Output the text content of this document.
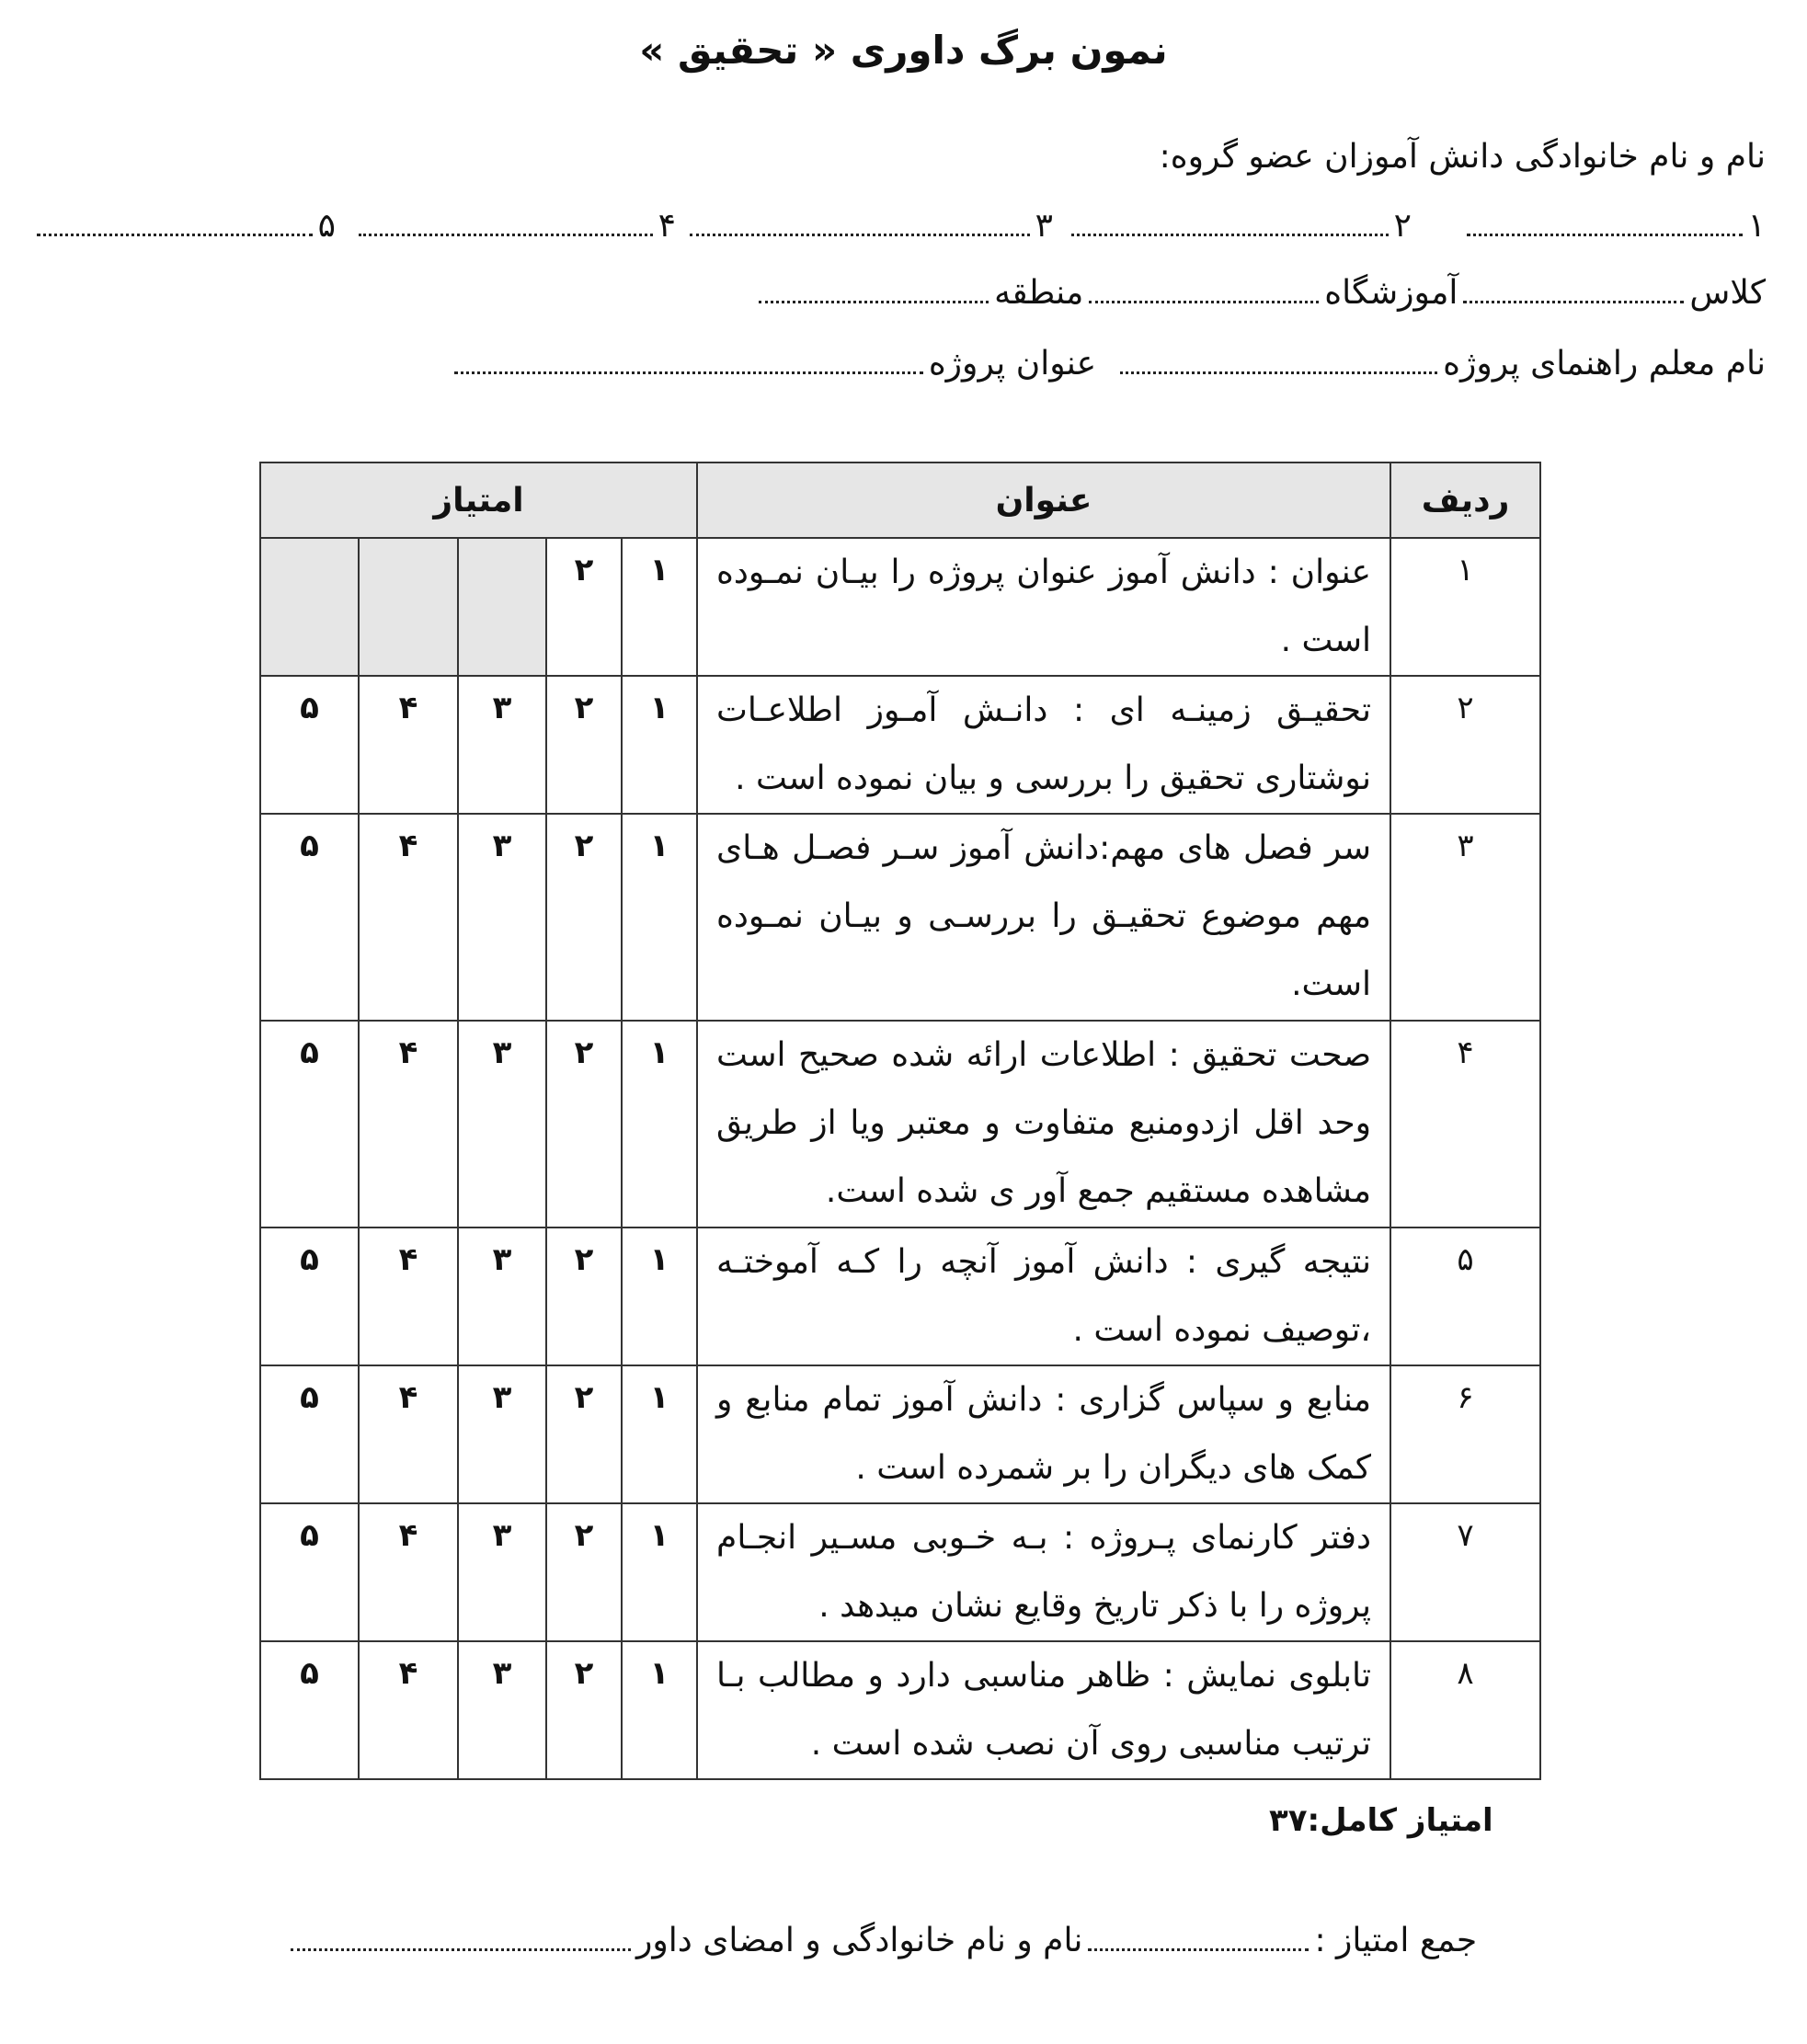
نمون برگ داوری « تحقیق »
نام و نام خانوادگی دانش آموزان عضو گروه:
۱
۲
۳
۴
۵
کلاسآموزشگاهمنطقه
نام معلم راهنمای پروژهعنوان پروژه
ردیف	عنوان	امتیاز				
۱	عنوان : دانش آموز عنوان پروژه را بیـان نمـوده است .	۱	۲			
۲	تحقیـق زمینـه ای : دانـش آمـوز اطلاعـات نوشتاری تحقیق را بررسی و بیان نموده است .	۱	۲	۳	۴	۵
۳	سر فصل های مهم:دانش آموز سـر فصـل هـای مهم موضوع تحقیـق را بررسـی و بیـان نمـوده است.	۱	۲	۳	۴	۵
۴	صحت تحقیق : اطلاعات ارائه شده صحیح است وحد اقل ازدومنبع متفاوت و معتبر ویا از طریق مشاهده مستقیم جمع آور ی شده است.	۱	۲	۳	۴	۵
۵	نتیجه گیری : دانش آموز آنچه را کـه آموختـه ،توصیف نموده است .	۱	۲	۳	۴	۵
۶	منابع و سپاس گزاری : دانش آموز تمام منابع و کمک های دیگران را بر شمرده است .	۱	۲	۳	۴	۵
۷	دفتر کارنمای پـروژه : بـه خـوبی مسـیر انجـام پروژه را با ذکر تاریخ وقایع نشان میدهد .	۱	۲	۳	۴	۵
۸	تابلوی نمایش : ظاهر مناسبی دارد و مطالب بـا ترتیب مناسبی روی آن نصب شده است .	۱	۲	۳	۴	۵
امتیاز کامل:۳۷
جمع امتیاز :نام و نام خانوادگی و امضای داور
